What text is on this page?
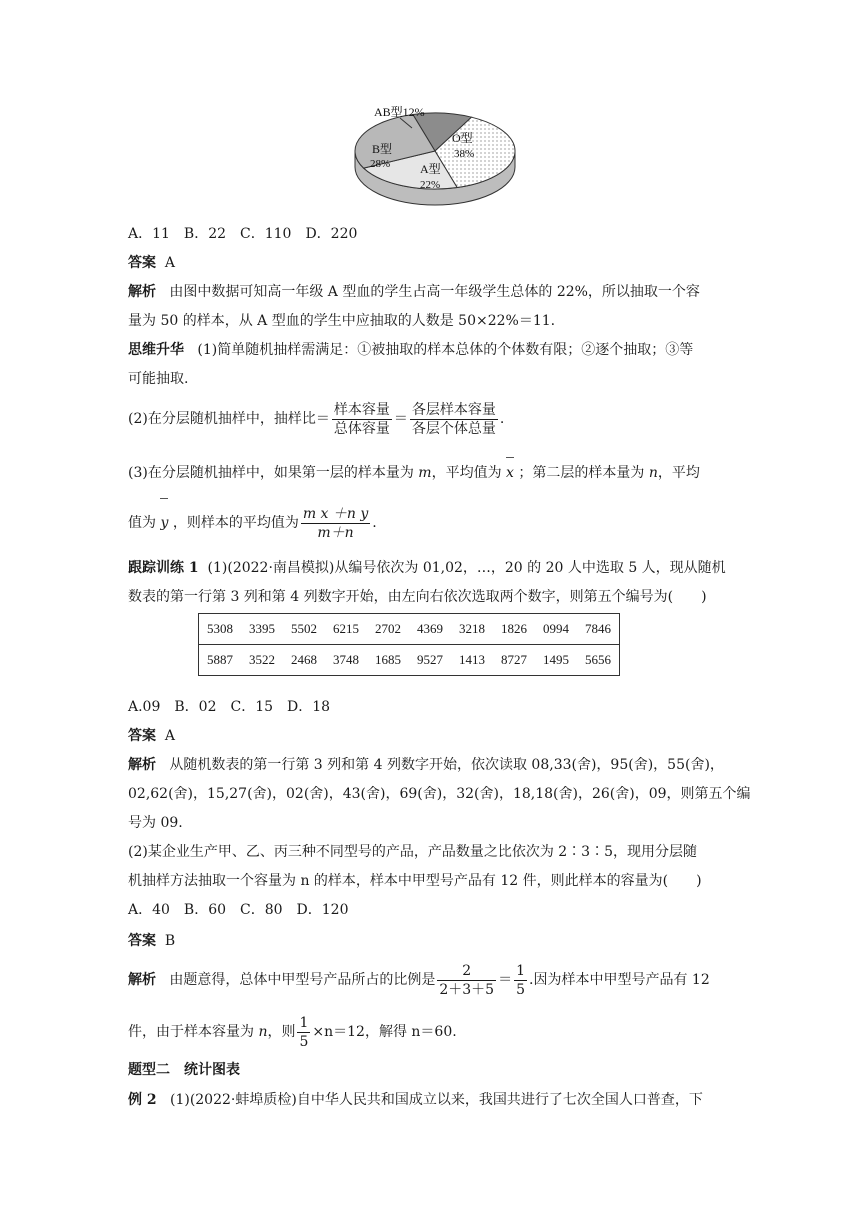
AB型12%
O型
38%
B型
28% A型
22%
A．11　B．22　C．110　D．220
答案 A
解析 由图中数据可知高一年级 A 型血的学生占高一年级学生总体的 22%，所以抽取一个容
量为 50 的样本，从 A 型血的学生中应抽取的人数是 50×22%＝11.
思维升华 (1)简单随机抽样需满足：①被抽取的样本总体的个体数有限；②逐个抽取；③等
可能抽取.
(2)在分层随机抽样中，抽样比＝ $\frac{\text{样本容量}}{\text{总体容量}} = \frac{\text{各层样本容量}}{\text{各层个体总量}}$ .
(3)在分层随机抽样中，如果第一层的样本量为 m，平均值为 x ；第二层的样本量为 n，平均
值为 y ，则样本的平均值为 $\frac{\text{m x ＋n y}}{m+n}$ .
跟踪训练 1 (1)(2022·南昌模拟)从编号依次为 01,02，…，20 的 20 人中选取 5 人，现从随机
数表的第一行第 3 列和第 4 列数字开始，由左向右依次选取两个数字，则第五个编号为(　　)
5308	3395	5502	6215	2702	4369	3218	1826	0994	7846
5887	3522	2468	3748	1685	9527	1413	8727	1495	5656
A.09　B．02　C．15　D．18
答案 A
解析 从随机数表的第一行第 3 列和第 4 列数字开始，依次读取 08,33(舍)，95(舍)，55(舍)，
02,62(舍)，15,27(舍)，02(舍)，43(舍)，69(舍)，32(舍)，18,18(舍)，26(舍)，09，则第五个编
号为 09.
(2)某企业生产甲、乙、丙三种不同型号的产品，产品数量之比依次为 2∶3∶5，现用分层随
机抽样方法抽取一个容量为 n 的样本，样本中甲型号产品有 12 件，则此样本的容量为(　　)
A．40　B．60　C．80　D．120
答案 B
解析 由题意得，总体中甲型号产品所占的比例是 $\frac{2}{2+3+5} = \frac{1}{5}$ .因为样本中甲型号产品有 12
件，由于样本容量为 n，则 $\frac{1}{5} \times n=12$，解得 n＝60.
题型二　统计图表
例 2 (1)(2022·蚌埠质检)自中华人民共和国成立以来，我国共进行了七次全国人口普查，下
